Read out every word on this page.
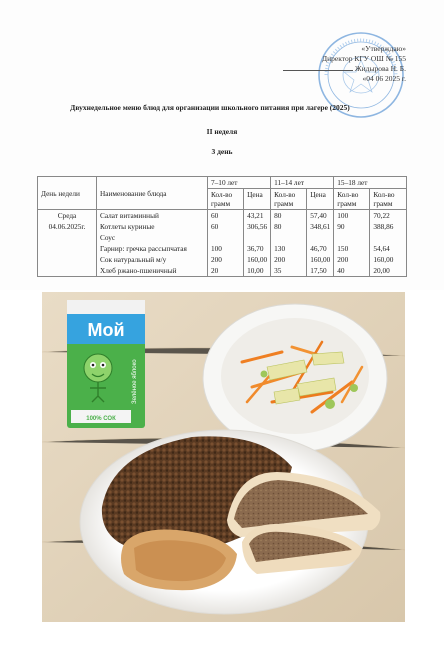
«Утверждаю»
Директор КГУ ОШ № 155
Жидырова Н. Б.
«04 06 2025 г.
Двухнедельное меню блюд для организации школьного питания при лагере (2025)
II неделя
3 день
День недели	Наименование блюда	7–10 лет		11–14 лет		15–18 лет	
		Кол-во грамм	Цена	Кол-во грамм	Цена	Кол-во грамм	Кол-во грамм
Среда	Салат витаминный	60	43,21	80	57,40	100	70,22
04.06.2025г.	Котлеты куриные	60	306,56	80	348,61	90	388,86
	Соус						
	Гарнир: гречка рассыпчатая	100	36,70	130	46,70	150	54,64
	Сок натуральный м/у	200	160,00	200	160,00	200	160,00
	Хлеб ржано-пшеничный	20	10,00	35	17,50	40	20,00
Мой
Зелёное яблоко
100% СОК
